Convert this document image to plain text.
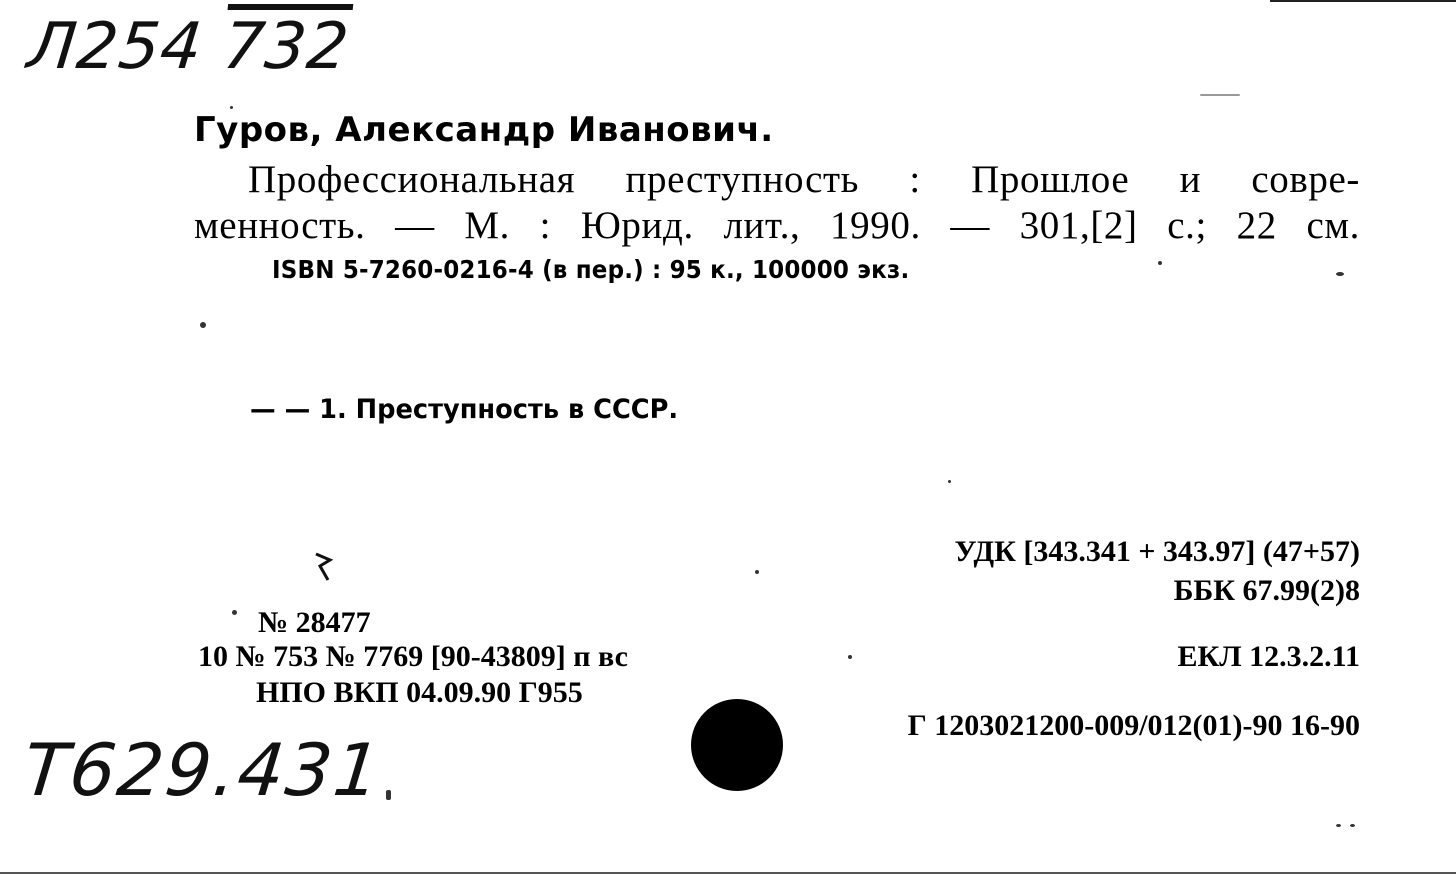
Л254 732
Гуров, Александр Иванович.
Профессиональная преступность : Прошлое и совре-
менность. — М. : Юрид. лит., 1990. — 301,[2] с.; 22 см.
ISBN 5-7260-0216-4 (в пер.) : 95 к., 100000 экз.
— — 1. Преступность в СССР.
УДК [343.341 + 343.97] (47+57)
ББК 67.99(2)8
ЕКЛ 12.3.2.11
Г 1203021200-009/012(01)-90 16-90
№ 28477
10 № 753 № 7769 [90-43809] п вс
НПО ВКП 04.09.90 Г955
T629.431
